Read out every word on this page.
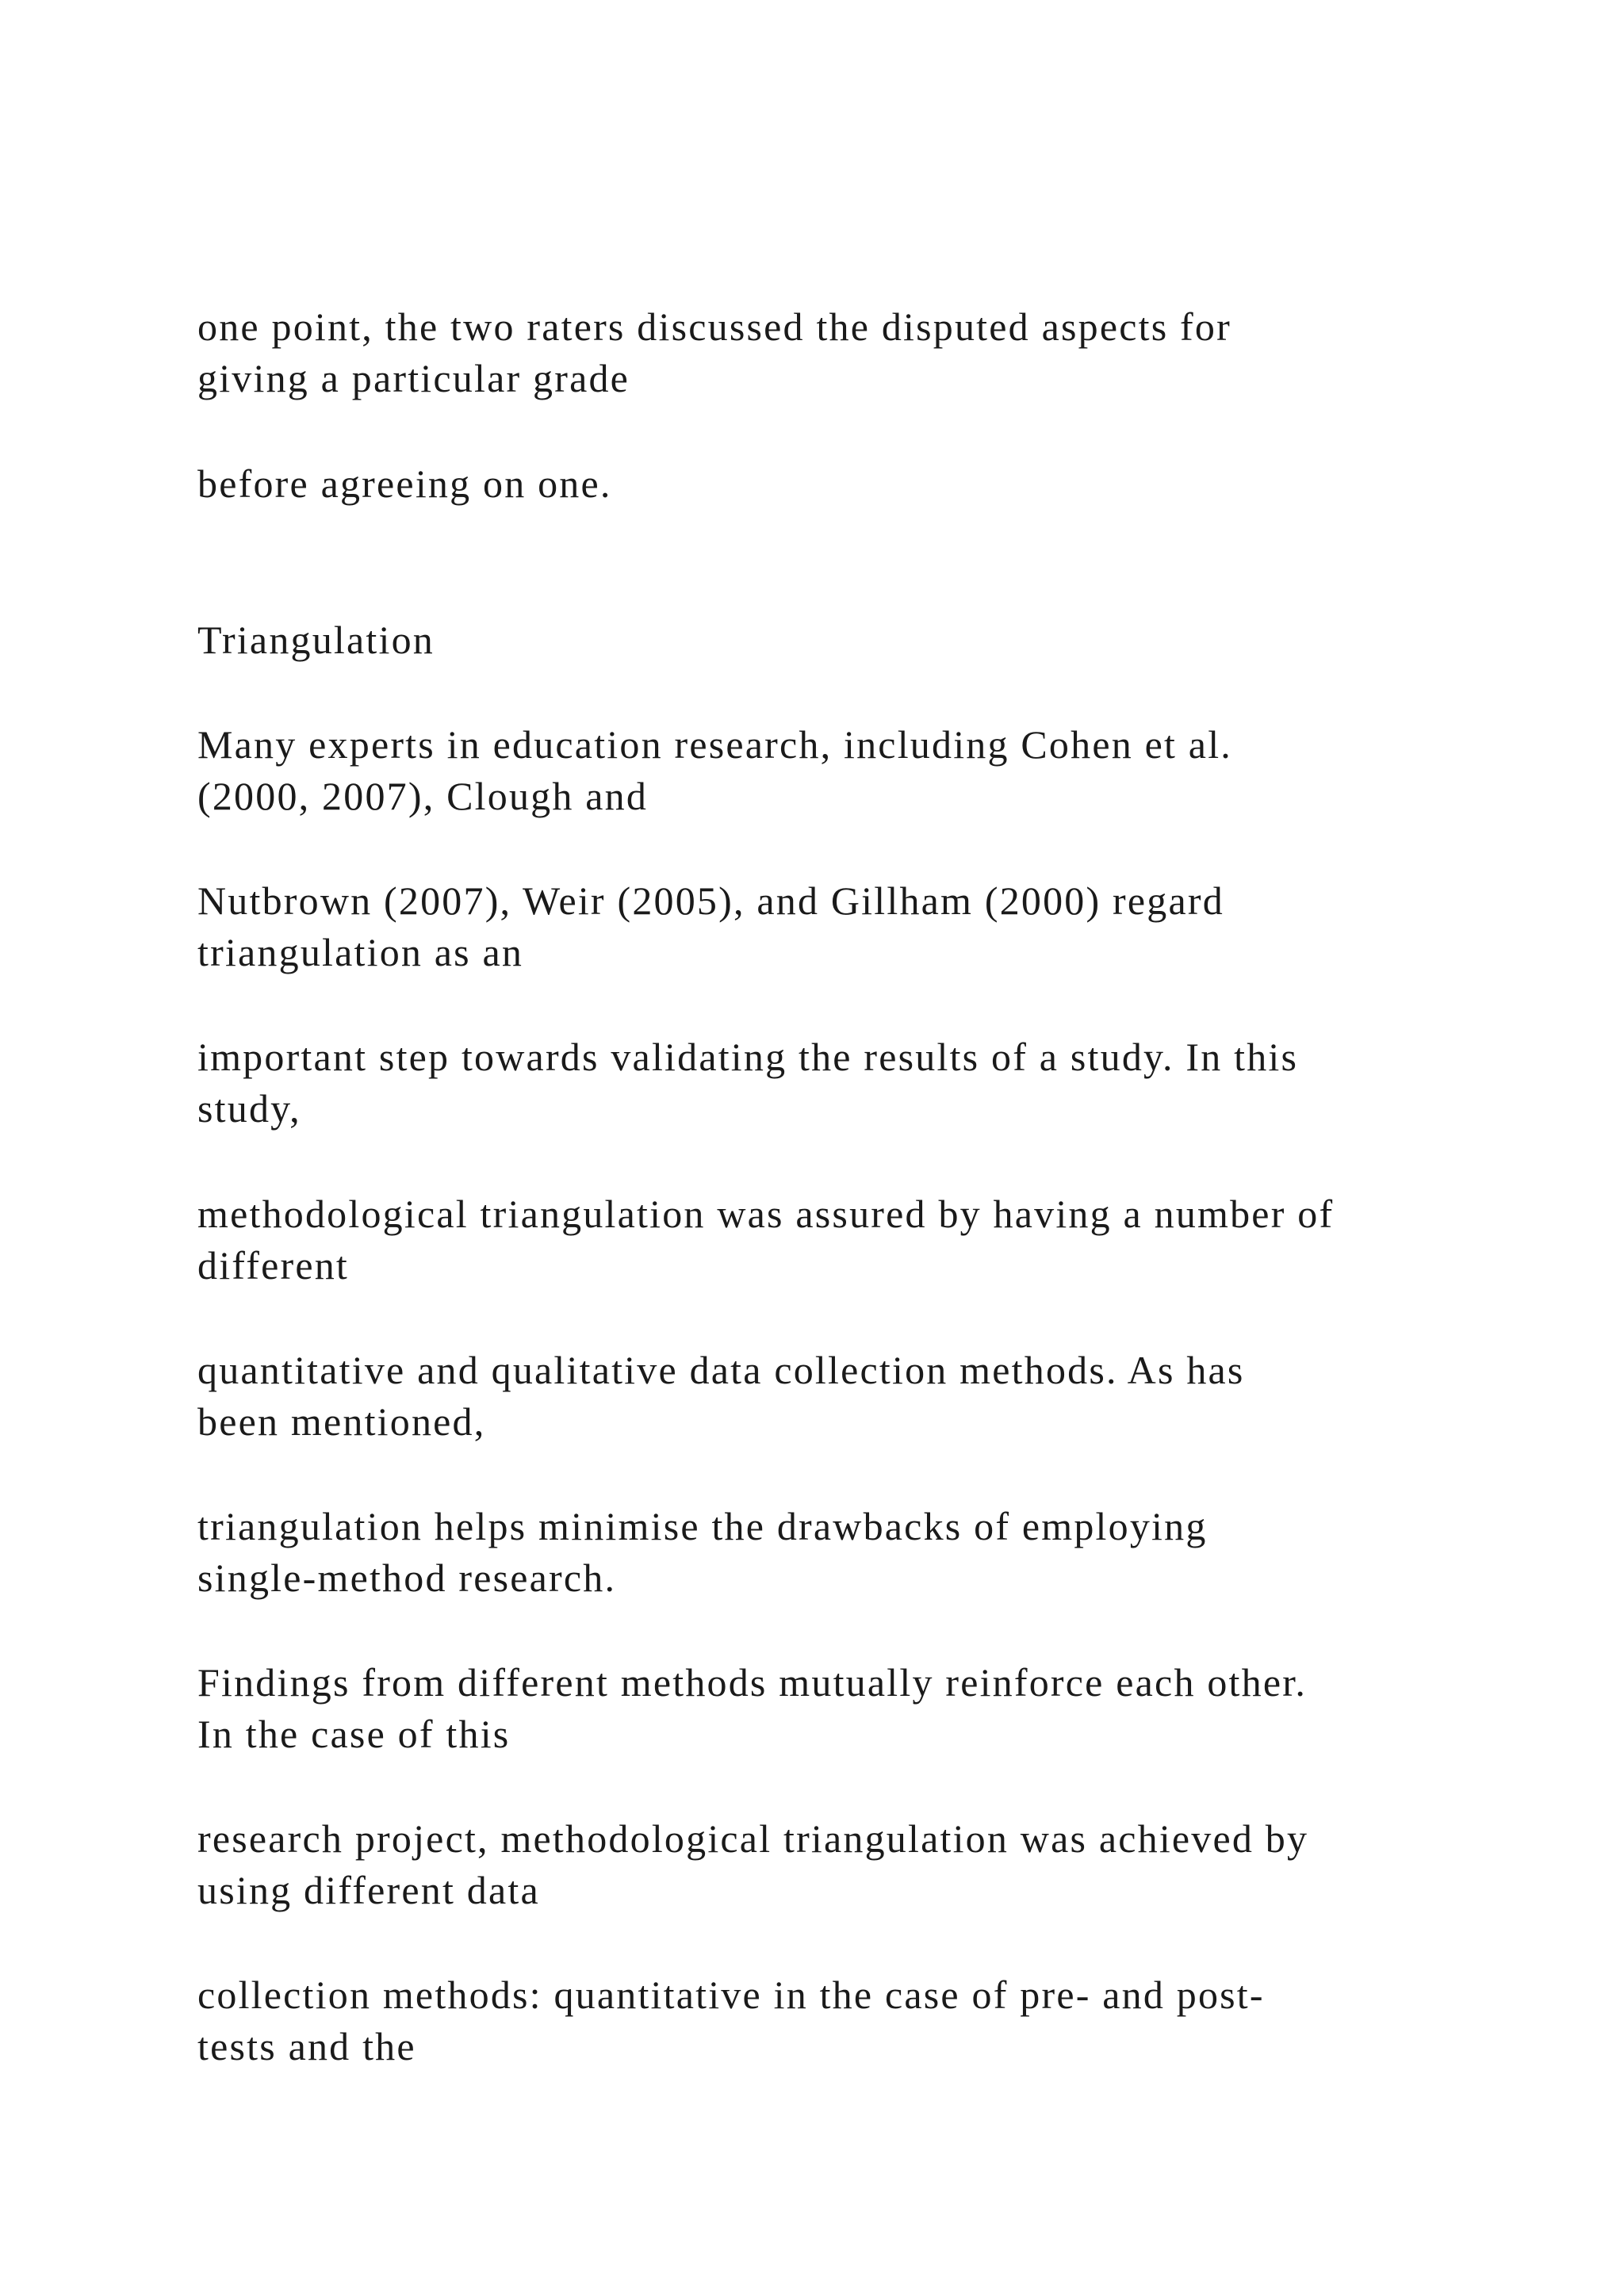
one point, the two raters discussed the disputed aspects for
giving a particular grade
before agreeing on one.
Triangulation
Many experts in education research, including Cohen et al.
(2000, 2007), Clough and
Nutbrown (2007), Weir (2005), and Gillham (2000) regard
triangulation as an
important step towards validating the results of a study. In this
study,
methodological triangulation was assured by having a number of
different
quantitative and qualitative data collection methods. As has
been mentioned,
triangulation helps minimise the drawbacks of employing
single-method research.
Findings from different methods mutually reinforce each other.
In the case of this
research project, methodological triangulation was achieved by
using different data
collection methods: quantitative in the case of pre- and post-
tests and the
